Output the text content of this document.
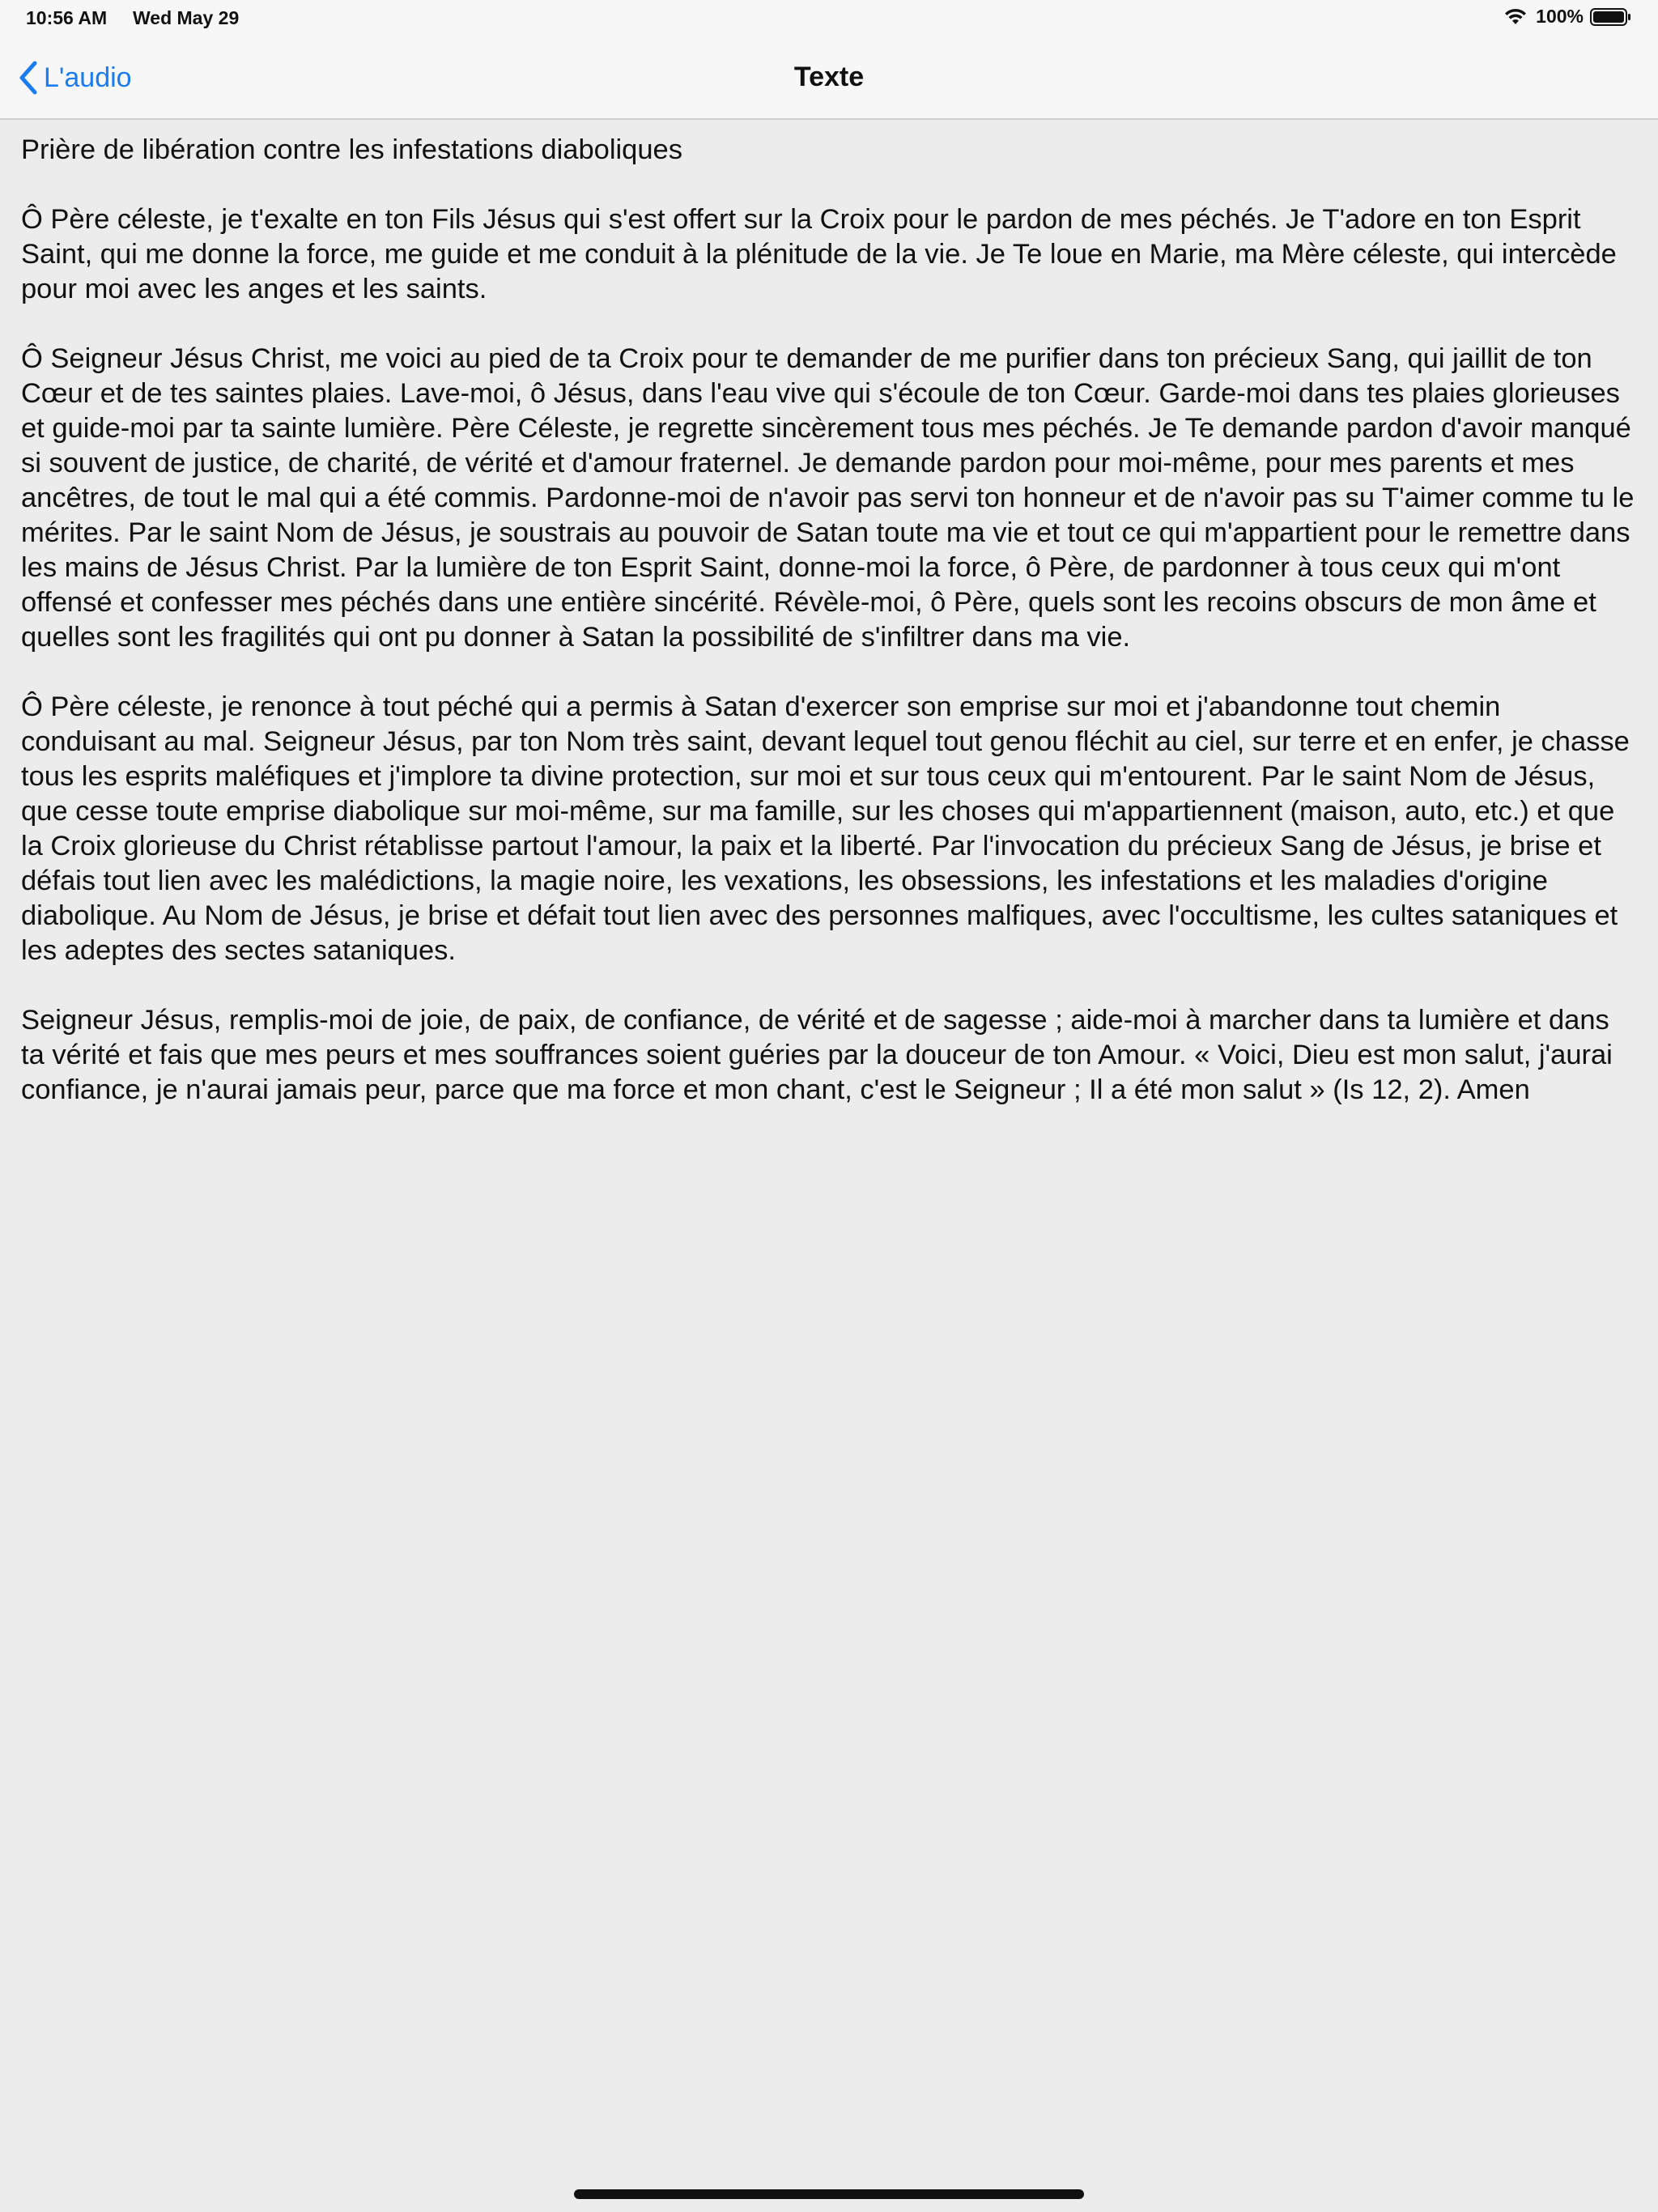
10:56 AM Wed May 29	100%
L'audio	Texte

Prière de libération contre les infestations diaboliques

Ô Père céleste, je t'exalte en ton Fils Jésus qui s'est offert sur la Croix pour le pardon de mes péchés. Je T'adore en ton Esprit Saint, qui me donne la force, me guide et me conduit à la plénitude de la vie. Je Te loue en Marie, ma Mère céleste, qui intercède pour moi avec les anges et les saints.

Ô Seigneur Jésus Christ, me voici au pied de ta Croix pour te demander de me purifier dans ton précieux Sang, qui jaillit de ton Cœur et de tes saintes plaies. Lave-moi, ô Jésus, dans l'eau vive qui s'écoule de ton Cœur. Garde-moi dans tes plaies glorieuses et guide-moi par ta sainte lumière. Père Céleste, je regrette sincèrement tous mes péchés. Je Te demande pardon d'avoir manqué si souvent de justice, de charité, de vérité et d'amour fraternel. Je demande pardon pour moi-même, pour mes parents et mes ancêtres, de tout le mal qui a été commis. Pardonne-moi de n'avoir pas servi ton honneur et de n'avoir pas su T'aimer comme tu le mérites. Par le saint Nom de Jésus, je soustrais au pouvoir de Satan toute ma vie et tout ce qui m'appartient pour le remettre dans les mains de Jésus Christ. Par la lumière de ton Esprit Saint, donne-moi la force, ô Père, de pardonner à tous ceux qui m'ont offensé et confesser mes péchés dans une entière sincérité. Révèle-moi, ô Père, quels sont les recoins obscurs de mon âme et quelles sont les fragilités qui ont pu donner à Satan la possibilité de s'infiltrer dans ma vie.

Ô Père céleste, je renonce à tout péché qui a permis à Satan d'exercer son emprise sur moi et j'abandonne tout chemin conduisant au mal. Seigneur Jésus, par ton Nom très saint, devant lequel tout genou fléchit au ciel, sur terre et en enfer, je chasse tous les esprits maléfiques et j'implore ta divine protection, sur moi et sur tous ceux qui m'entourent. Par le saint Nom de Jésus, que cesse toute emprise diabolique sur moi-même, sur ma famille, sur les choses qui m'appartiennent (maison, auto, etc.) et que la Croix glorieuse du Christ rétablisse partout l'amour, la paix et la liberté. Par l'invocation du précieux Sang de Jésus, je brise et défais tout lien avec les malédictions, la magie noire, les vexations, les obsessions, les infestations et les maladies d'origine diabolique. Au Nom de Jésus, je brise et défait tout lien avec des personnes malfiques, avec l'occultisme, les cultes sataniques et les adeptes des sectes sataniques.

Seigneur Jésus, remplis-moi de joie, de paix, de confiance, de vérité et de sagesse ; aide-moi à marcher dans ta lumière et dans ta vérité et fais que mes peurs et mes souffrances soient guéries par la douceur de ton Amour. « Voici, Dieu est mon salut, j'aurai confiance, je n'aurai jamais peur, parce que ma force et mon chant, c'est le Seigneur ; Il a été mon salut » (Is 12, 2). Amen
